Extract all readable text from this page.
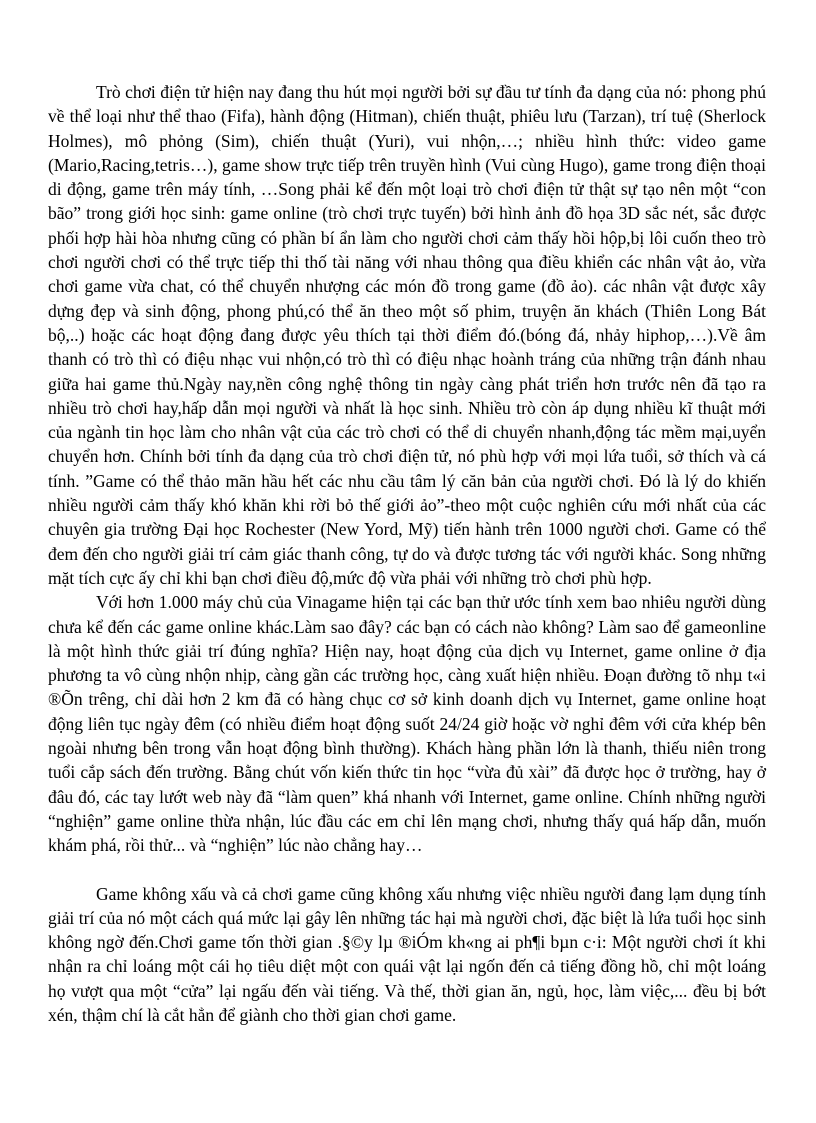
Trò chơi điện tử hiện nay đang thu hút mọi người bởi sự đầu tư tính đa dạng của nó: phong phú về thể loại như thể thao (Fifa), hành động (Hitman), chiến thuật, phiêu lưu (Tarzan), trí tuệ (Sherlock Holmes), mô phỏng (Sim), chiến thuật (Yuri), vui nhộn,…; nhiều hình thức: video game (Mario,Racing,tetris…), game show trực tiếp trên truyền hình (Vui cùng Hugo), game trong điện thoại di động, game trên máy tính, …Song phải kể đến một loại trò chơi điện tử thật sự tạo nên một “con bão” trong giới học sinh: game online (trò chơi trực tuyến) bởi hình ảnh đồ họa 3D sắc nét, sắc được phối hợp hài hòa nhưng cũng có phần bí ẩn làm cho người chơi cảm thấy hồi hộp,bị lôi cuốn theo trò chơi người chơi có thể trực tiếp thi thố tài năng với nhau thông qua điều khiển các nhân vật ảo, vừa chơi game vừa chat, có thể chuyển nhượng các món đồ trong game (đồ ảo). các nhân vật được xây dựng đẹp và sinh động, phong phú,có thể ăn theo một số phim, truyện ăn khách (Thiên Long Bát bộ,..) hoặc các hoạt động đang được yêu thích tại thời điểm đó.(bóng đá, nhảy hiphop,…).Về âm thanh có trò thì có điệu nhạc vui nhộn,có trò thì có điệu nhạc hoành tráng của những trận đánh nhau giữa hai game thủ.Ngày nay,nền công nghệ thông tin ngày càng phát triển hơn trước nên đã tạo ra nhiều trò chơi hay,hấp dẫn mọi người và nhất là học sinh. Nhiều trò còn áp dụng nhiều kĩ thuật mới của ngành tin học làm cho nhân vật của các trò chơi có thể di chuyển nhanh,động tác mềm mại,uyển chuyển hơn. Chính bởi tính đa dạng của trò chơi điện tử, nó phù hợp với mọi lứa tuổi, sở thích và cá tính. ”Game có thể thảo mãn hầu hết các nhu cầu tâm lý căn bản của người chơi. Đó là lý do khiến nhiều người cảm thấy khó khăn khi rời bỏ thế giới ảo”-theo một cuộc nghiên cứu mới nhất của các chuyên gia trường Đại học Rochester (New Yord, Mỹ) tiến hành trên 1000 người chơi. Game có thể đem đến cho người giải trí cảm giác thanh công, tự do và được tương tác với người khác. Song những mặt tích cực ấy chỉ khi bạn chơi điều độ,mức độ vừa phải với những trò chơi phù hợp.

Với hơn 1.000 máy chủ của Vinagame hiện tại các bạn thử ước tính xem bao nhiêu người dùng chưa kể đến các game online khác.Làm sao đây? các bạn có cách nào không? Làm sao để gameonline là một hình thức giải trí đúng nghĩa? Hiện nay, hoạt động của dịch vụ Internet, game online ở địa phương ta vô cùng nhộn nhịp, càng gần các trường học, càng xuất hiện nhiều. Đoạn đường tõ nhµ t«i ®Õn trêng, chỉ dài hơn 2 km đã có hàng chục cơ sở kinh doanh dịch vụ Internet, game online hoạt động liên tục ngày đêm (có nhiều điểm hoạt động suốt 24/24 giờ hoặc vờ nghỉ đêm với cửa khép bên ngoài nhưng bên trong vẫn hoạt động bình thường). Khách hàng phần lớn là thanh, thiếu niên trong tuổi cắp sách đến trường. Bằng chút vốn kiến thức tin học “vừa đủ xài” đã được học ở trường, hay ở đâu đó, các tay lướt web này đã “làm quen” khá nhanh với Internet, game online. Chính những người “nghiện” game online thừa nhận, lúc đầu các em chỉ lên mạng chơi, nhưng thấy quá hấp dẫn, muốn khám phá, rồi thử... và “nghiện” lúc nào chẳng hay…

Game không xấu và cả chơi game cũng không xấu nhưng việc nhiều người đang lạm dụng tính giải trí của nó một cách quá mức lại gây lên những tác hại mà người chơi, đặc biệt là lứa tuổi học sinh không ngờ đến.Chơi game tốn thời gian .§©y lµ ®iÓm kh«ng ai ph¶i bµn c·i: Một người chơi ít khi nhận ra chỉ loáng một cái họ tiêu diệt một con quái vật lại ngốn đến cả tiếng đồng hồ, chỉ một loáng họ vượt qua một “cửa” lại ngấu đến vài tiếng. Và thế, thời gian ăn, ngủ, học, làm việc,... đều bị bớt xén, thậm chí là cắt hẳn để giành cho thời gian chơi game.
